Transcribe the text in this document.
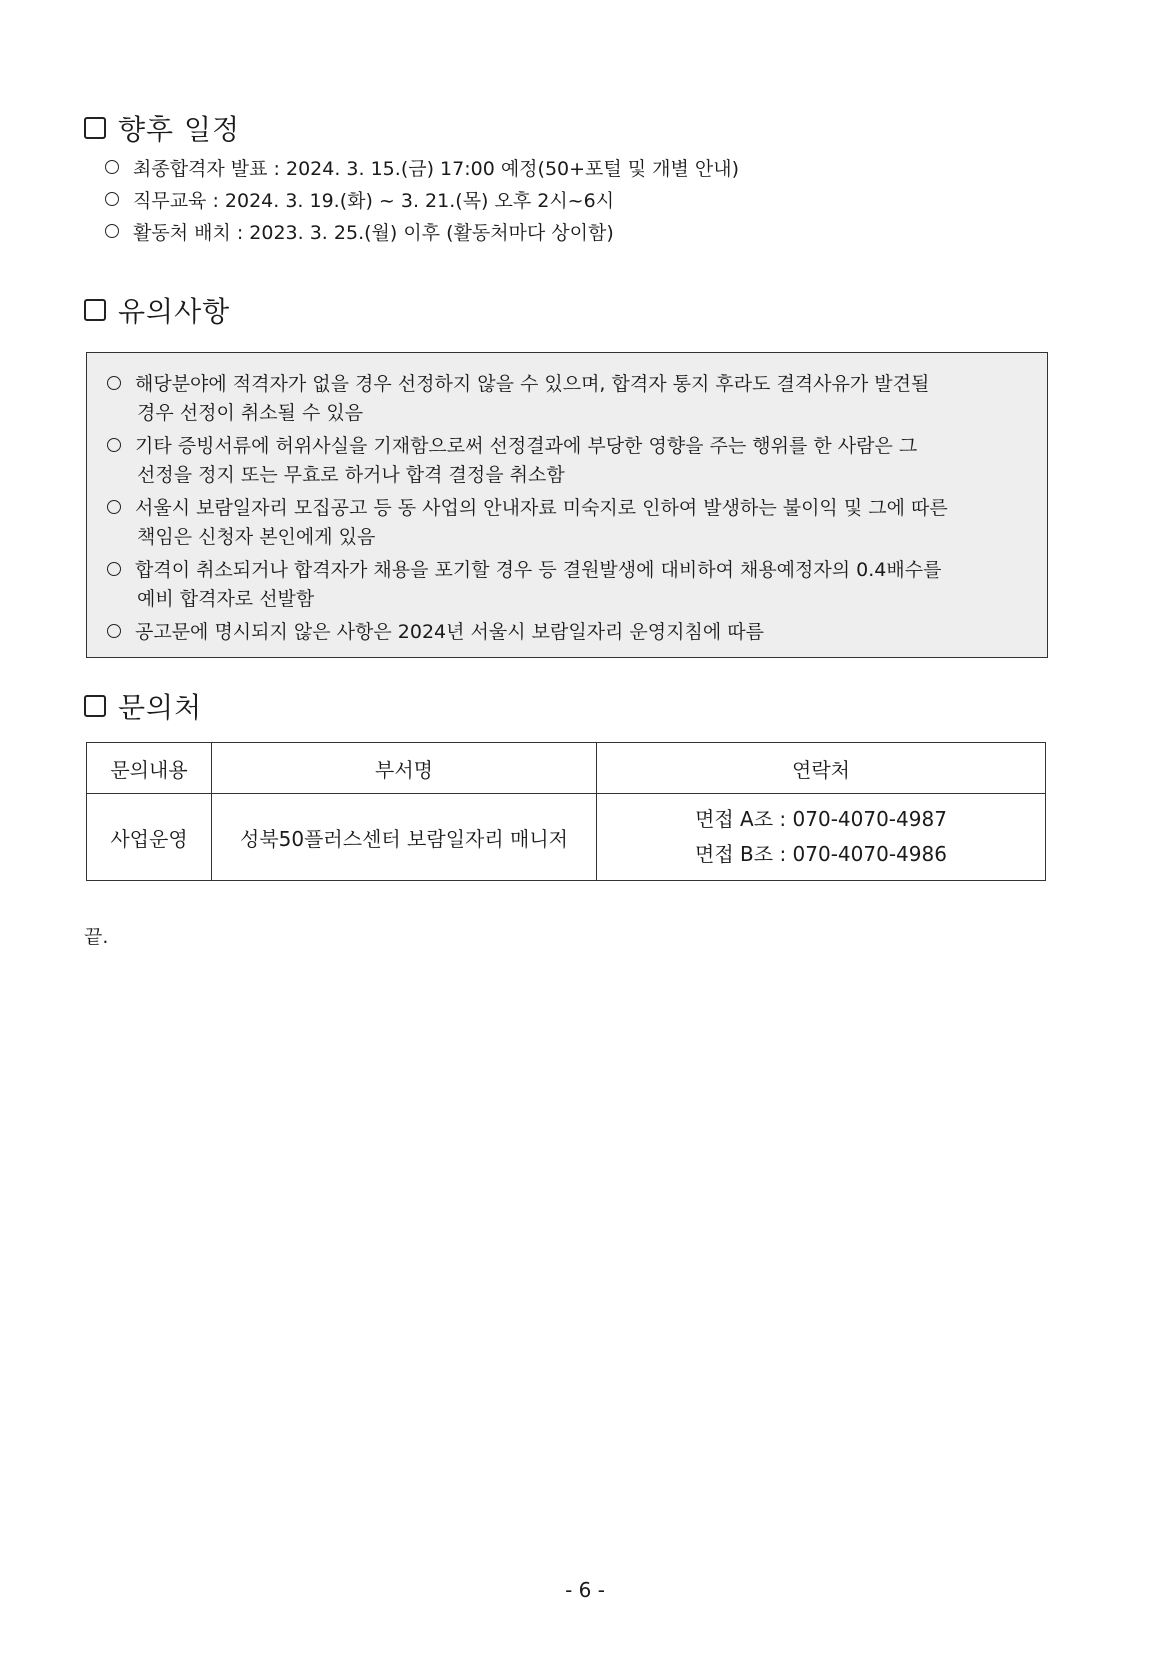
향후 일정
최종합격자 발표 : 2024. 3. 15.(금) 17:00 예정(50+포털 및 개별 안내)
직무교육 : 2024. 3. 19.(화) ~ 3. 21.(목) 오후 2시~6시
활동처 배치 : 2023. 3. 25.(월) 이후 (활동처마다 상이함)
유의사항
해당분야에 적격자가 없을 경우 선정하지 않을 수 있으며, 합격자 통지 후라도 결격사유가 발견될
경우 선정이 취소될 수 있음
기타 증빙서류에 허위사실을 기재함으로써 선정결과에 부당한 영향을 주는 행위를 한 사람은 그
선정을 정지 또는 무효로 하거나 합격 결정을 취소함
서울시 보람일자리 모집공고 등 동 사업의 안내자료 미숙지로 인하여 발생하는 불이익 및 그에 따른
책임은 신청자 본인에게 있음
합격이 취소되거나 합격자가 채용을 포기할 경우 등 결원발생에 대비하여 채용예정자의 0.4배수를
예비 합격자로 선발함
공고문에 명시되지 않은 사항은 2024년 서울시 보람일자리 운영지침에 따름
문의처
문의내용	부서명	연락처
사업운영	성북50플러스센터 보람일자리 매니저	면접 A조 : 070-4070-4987
면접 B조 : 070-4070-4986
끝.
- 6 -
